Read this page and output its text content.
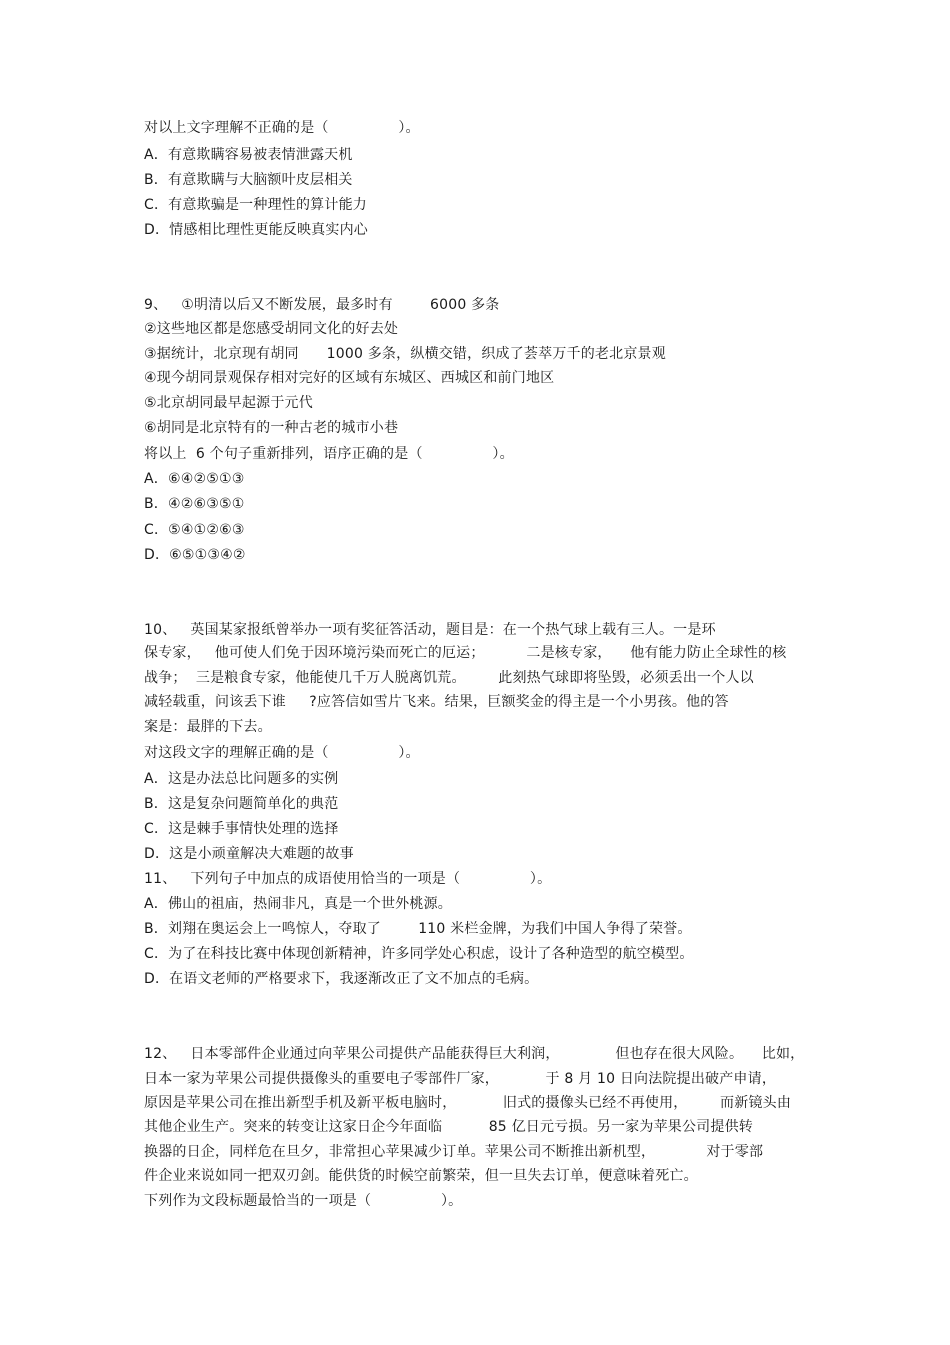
对以上文字理解不正确的是（               ）。
A．有意欺瞒容易被表情泄露天机
B．有意欺瞒与大脑额叶皮层相关
C．有意欺骗是一种理性的算计能力
D．情感相比理性更能反映真实内心
9、   ①明清以后又不断发展，最多时有        6000 多条
②这些地区都是您感受胡同文化的好去处
③据统计，北京现有胡同      1000 多条，纵横交错，织成了荟萃万千的老北京景观
④现今胡同景观保存相对完好的区域有东城区、西城区和前门地区
⑤北京胡同最早起源于元代
⑥胡同是北京特有的一种古老的城市小巷
将以上  6 个句子重新排列，语序正确的是（               ）。
A．⑥④②⑤①③
B．④②⑥③⑤①
C．⑤④①②⑥③
D．⑥⑤①③④②
10、   英国某家报纸曾举办一项有奖征答活动，题目是：在一个热气球上载有三人。一是环
保专家，   他可使人们免于因环境污染而死亡的厄运；         二是核专家，    他有能力防止全球性的核
战争；  三是粮食专家，他能使几千万人脱离饥荒。       此刻热气球即将坠毁，必须丢出一个人以
减轻载重，问该丢下谁     ?应答信如雪片飞来。结果，巨额奖金的得主是一个小男孩。他的答
案是：最胖的下去。
对这段文字的理解正确的是（               ）。
A．这是办法总比问题多的实例
B．这是复杂问题简单化的典范
C．这是棘手事情快处理的选择
D．这是小顽童解决大难题的故事
11、   下列句子中加点的成语使用恰当的一项是（               ）。
A．佛山的祖庙，热闹非凡，真是一个世外桃源。
B．刘翔在奥运会上一鸣惊人，夺取了        110 米栏金牌，为我们中国人争得了荣誉。
C．为了在科技比赛中体现创新精神，许多同学处心积虑，设计了各种造型的航空模型。
D．在语文老师的严格要求下，我逐渐改正了文不加点的毛病。
12、   日本零部件企业通过向苹果公司提供产品能获得巨大利润，            但也存在很大风险。    比如，
日本一家为苹果公司提供摄像头的重要电子零部件厂家，          于 8 月 10 日向法院提出破产申请，
原因是苹果公司在推出新型手机及新平板电脑时，          旧式的摄像头已经不再使用，       而新镜头由
其他企业生产。突来的转变让这家日企今年面临          85 亿日元亏损。另一家为苹果公司提供转
换器的日企，同样危在旦夕，非常担心苹果减少订单。苹果公司不断推出新机型，           对于零部
件企业来说如同一把双刃剑。能供货的时候空前繁荣，但一旦失去订单，便意味着死亡。
下列作为文段标题最恰当的一项是（               ）。
